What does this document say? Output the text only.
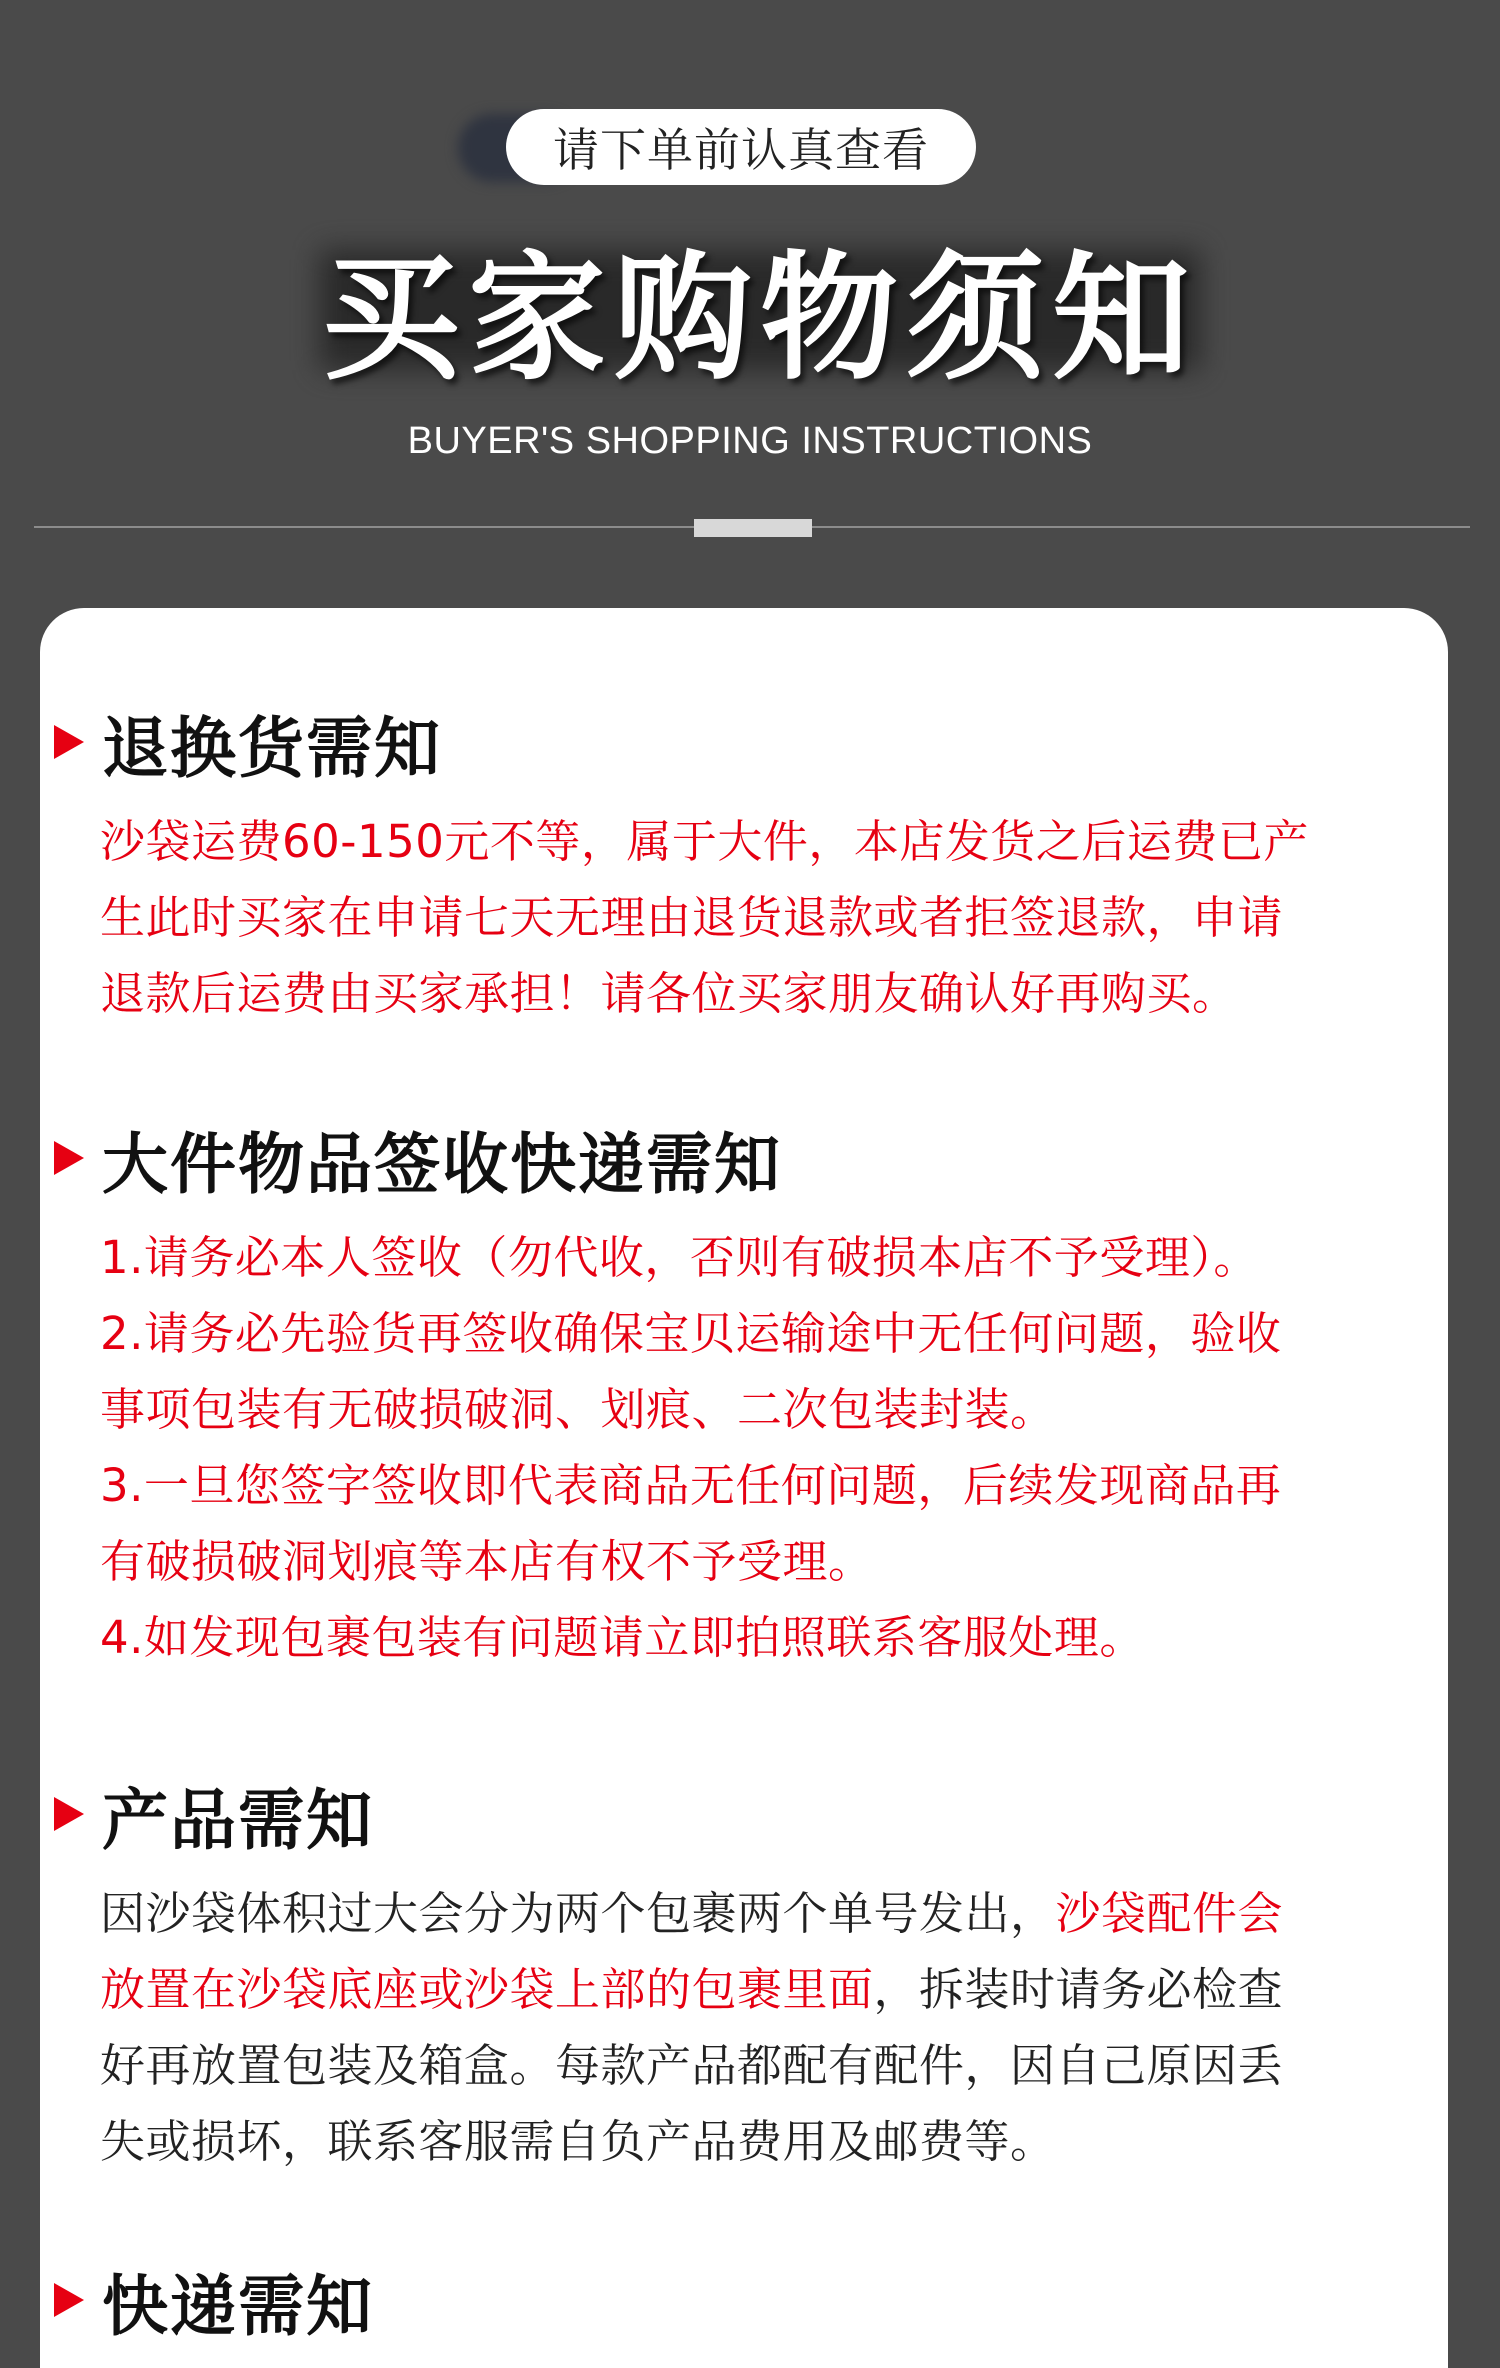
请下单前认真查看
买家购物须知
BUYER'S SHOPPING INSTRUCTIONS
退换货需知
沙袋运费60-150元不等，属于大件，本店发货之后运费已产
生此时买家在申请七天无理由退货退款或者拒签退款，申请
退款后运费由买家承担！请各位买家朋友确认好再购买。
大件物品签收快递需知
1.请务必本人签收（勿代收，否则有破损本店不予受理）。
2.请务必先验货再签收确保宝贝运输途中无任何问题，验收
事项包装有无破损破洞、划痕、二次包装封装。
3.一旦您签字签收即代表商品无任何问题，后续发现商品再
有破损破洞划痕等本店有权不予受理。
4.如发现包裹包装有问题请立即拍照联系客服处理。
产品需知
因沙袋体积过大会分为两个包裹两个单号发出，沙袋配件会
放置在沙袋底座或沙袋上部的包裹里面，拆装时请务必检查
好再放置包装及箱盒。每款产品都配有配件，因自己原因丢
失或损坏，联系客服需自负产品费用及邮费等。
快递需知
